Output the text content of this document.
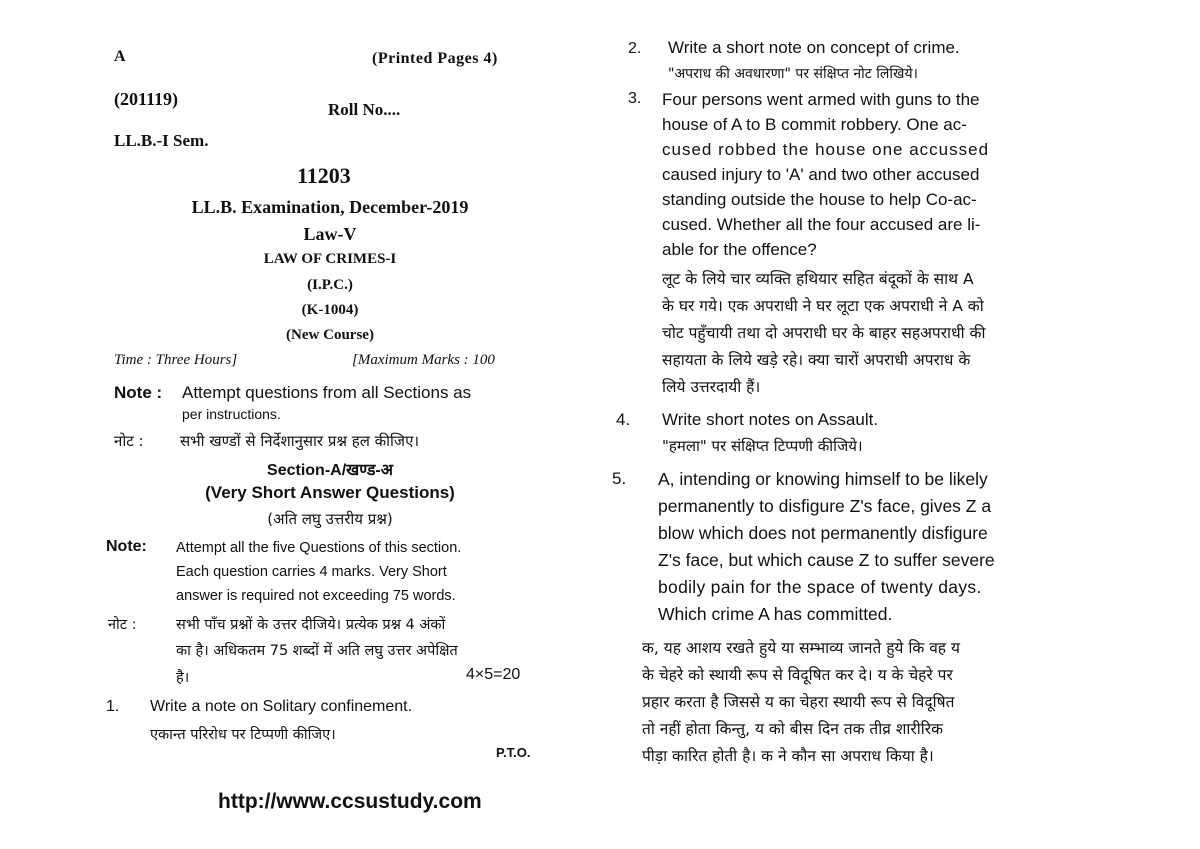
A	(Printed Pages 4)
(201119)
Roll No....
LL.B.-I Sem.
11203
LL.B. Examination, December-2019
Law-V
LAW OF CRIMES-I
(I.P.C.)
(K-1004)
(New Course)
Time : Three Hours]	[Maximum Marks : 100
Note : Attempt questions from all Sections as
per instructions.
नोट : सभी खण्डों से निर्देशानुसार प्रश्न हल कीजिए।
Section-A/खण्ड-अ
(Very Short Answer Questions)
(अति लघु उत्तरीय प्रश्न)
Note: Attempt all the five Questions of this section.
Each question carries 4 marks. Very Short
answer is required not exceeding 75 words.
नोट :	सभी पाँच प्रश्नों के उत्तर दीजिये। प्रत्येक प्रश्न 4 अंकों
का है। अधिकतम 75 शब्दों में अति लघु उत्तर अपेक्षित
है।	4×5=20
1. Write a note on Solitary confinement.
एकान्त परिरोध पर टिप्पणी कीजिए।
P.T.O.
http://www.ccsustudy.com
2. Write a short note on concept of crime.
"अपराध की अवधारणा" पर संक्षिप्त नोट लिखिये।
3. Four persons went armed with guns to the
house of A to B commit robbery. One ac-
cused robbed the house one accussed
caused injury to 'A' and two other accused
standing outside the house to help Co-ac-
cused. Whether all the four accused are li-
able for the offence?
लूट के लिये चार व्यक्ति हथियार सहित बंदूकों के साथ A
के घर गये। एक अपराधी ने घर लूटा एक अपराधी ने A को
चोट पहुँचायी तथा दो अपराधी घर के बाहर सहअपराधी की
सहायता के लिये खड़े रहे। क्या चारों अपराधी अपराध के
लिये उत्तरदायी हैं।
4. Write short notes on Assault.
"हमला" पर संक्षिप्त टिप्पणी कीजिये।
5. A, intending or knowing himself to be likely
permanently to disfigure Z's face, gives Z a
blow which does not permanently disfigure
Z's face, but which cause Z to suffer severe
bodily pain for the space of twenty days.
Which crime A has committed.
क, यह आशय रखते हुये या सम्भाव्य जानते हुये कि वह य
के चेहरे को स्थायी रूप से विदूषित कर दे। य के चेहरे पर
प्रहार करता है जिससे य का चेहरा स्थायी रूप से विदूषित
तो नहीं होता किन्तु, य को बीस दिन तक तीव्र शारीरिक
पीड़ा कारित होती है। क ने कौन सा अपराध किया है।
